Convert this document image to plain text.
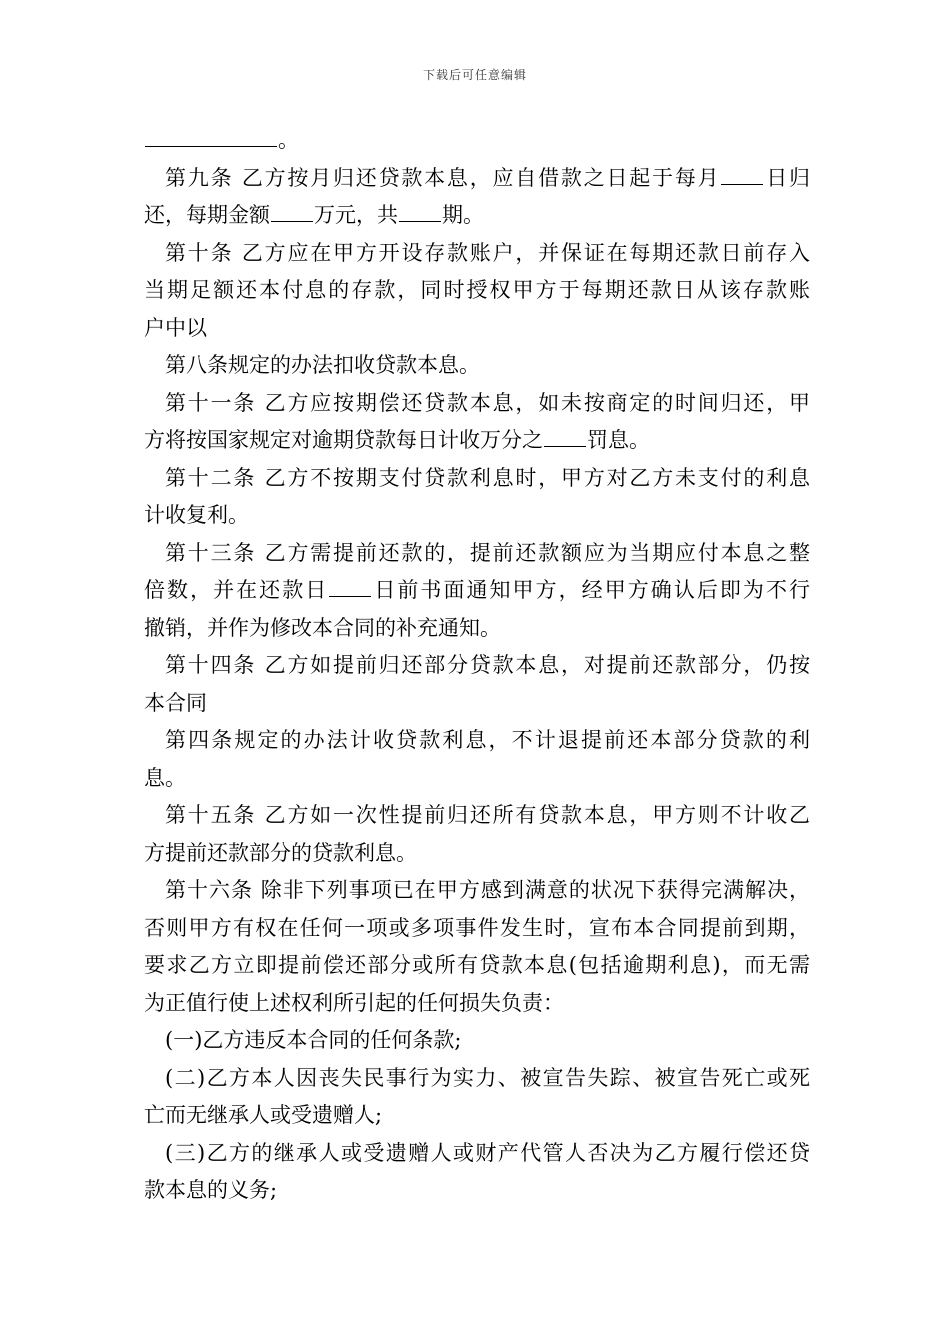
下载后可任意编辑
。
第九条 乙方按月归还贷款本息，应自借款之日起于每月 日归
还，每期金额 万元，共 期。
第十条 乙方应在甲方开设存款账户，并保证在每期还款日前存入
当期足额还本付息的存款，同时授权甲方于每期还款日从该存款账
户中以
第八条规定的办法扣收贷款本息。
第十一条 乙方应按期偿还贷款本息，如未按商定的时间归还，甲
方将按国家规定对逾期贷款每日计收万分之 罚息。
第十二条 乙方不按期支付贷款利息时，甲方对乙方未支付的利息
计收复利。
第十三条 乙方需提前还款的，提前还款额应为当期应付本息之整
倍数，并在还款日 日前书面通知甲方，经甲方确认后即为不行
撤销，并作为修改本合同的补充通知。
第十四条 乙方如提前归还部分贷款本息，对提前还款部分，仍按
本合同
第四条规定的办法计收贷款利息，不计退提前还本部分贷款的利
息。
第十五条 乙方如一次性提前归还所有贷款本息，甲方则不计收乙
方提前还款部分的贷款利息。
第十六条 除非下列事项已在甲方感到满意的状况下获得完满解决，
否则甲方有权在任何一项或多项事件发生时，宣布本合同提前到期，
要求乙方立即提前偿还部分或所有贷款本息(包括逾期利息)，而无需
为正值行使上述权利所引起的任何损失负责：
(一)乙方违反本合同的任何条款;
(二)乙方本人因丧失民事行为实力、被宣告失踪、被宣告死亡或死
亡而无继承人或受遗赠人;
(三)乙方的继承人或受遗赠人或财产代管人否决为乙方履行偿还贷
款本息的义务;
